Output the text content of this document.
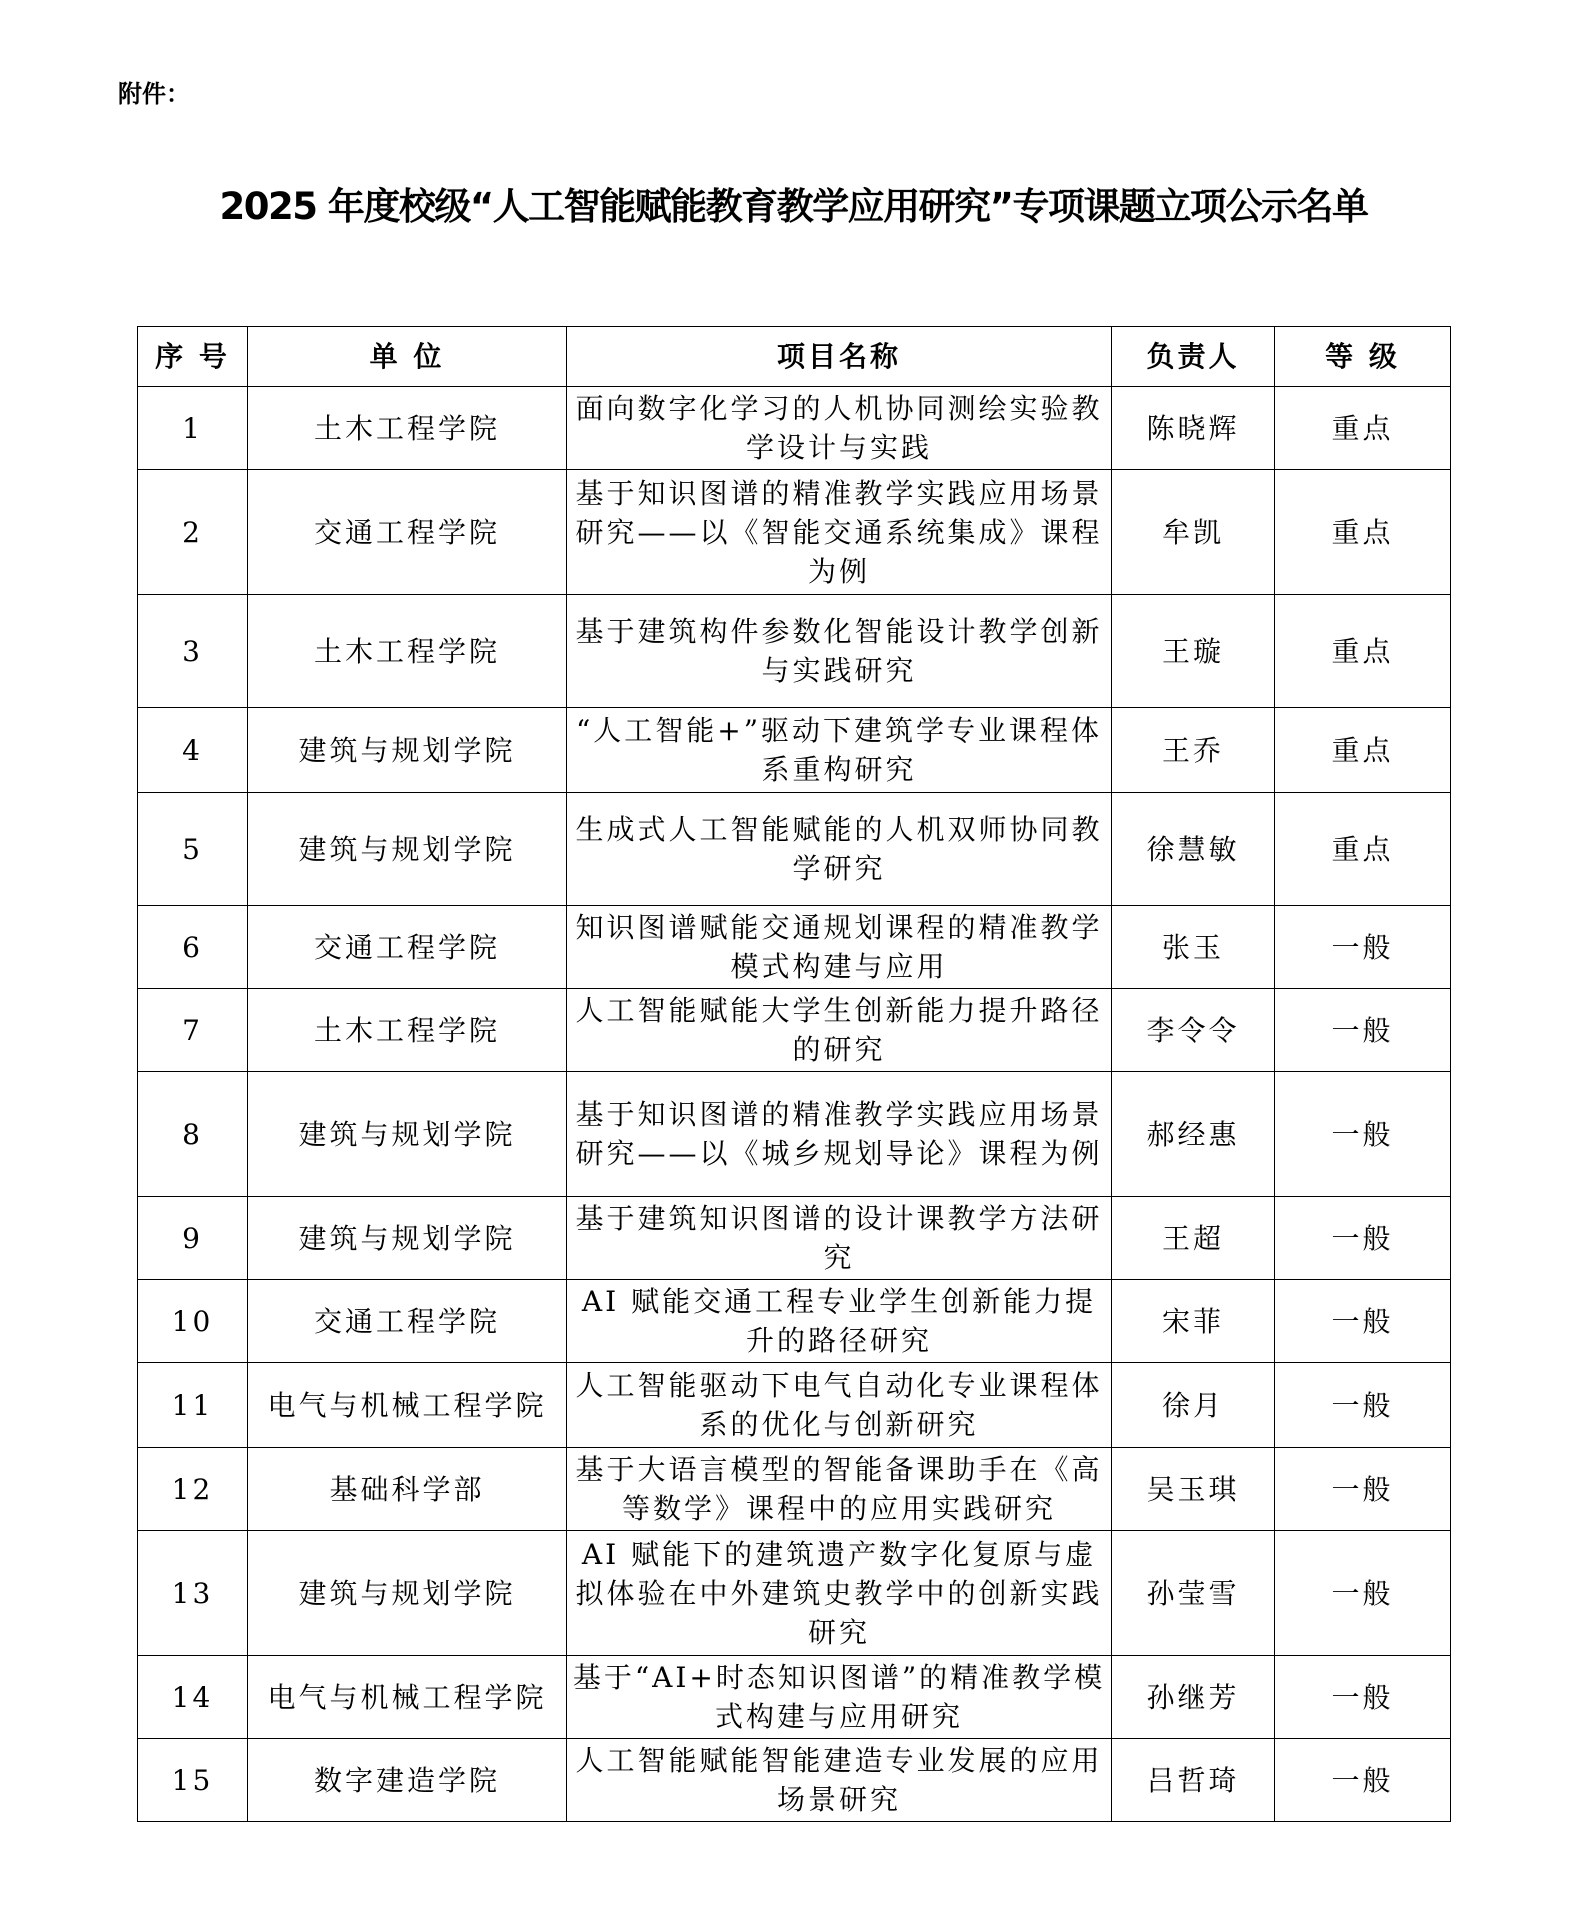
附件：
2025 年度校级“人工智能赋能教育教学应用研究”专项课题立项公示名单
序 号	单 位	项目名称	负责人	等 级
1	土木工程学院	面向数字化学习的人机协同测绘实验教学设计与实践	陈晓辉	重点
2	交通工程学院	基于知识图谱的精准教学实践应用场景研究——以《智能交通系统集成》课程为例	牟凯	重点
3	土木工程学院	基于建筑构件参数化智能设计教学创新与实践研究	王璇	重点
4	建筑与规划学院	“人工智能+”驱动下建筑学专业课程体系重构研究	王乔	重点
5	建筑与规划学院	生成式人工智能赋能的人机双师协同教学研究	徐慧敏	重点
6	交通工程学院	知识图谱赋能交通规划课程的精准教学模式构建与应用	张玉	一般
7	土木工程学院	人工智能赋能大学生创新能力提升路径的研究	李令令	一般
8	建筑与规划学院	基于知识图谱的精准教学实践应用场景研究——以《城乡规划导论》课程为例	郝经惠	一般
9	建筑与规划学院	基于建筑知识图谱的设计课教学方法研究	王超	一般
10	交通工程学院	AI 赋能交通工程专业学生创新能力提升的路径研究	宋菲	一般
11	电气与机械工程学院	人工智能驱动下电气自动化专业课程体系的优化与创新研究	徐月	一般
12	基础科学部	基于大语言模型的智能备课助手在《高等数学》课程中的应用实践研究	吴玉琪	一般
13	建筑与规划学院	AI 赋能下的建筑遗产数字化复原与虚拟体验在中外建筑史教学中的创新实践研究	孙莹雪	一般
14	电气与机械工程学院	基于“AI+时态知识图谱”的精准教学模式构建与应用研究	孙继芳	一般
15	数字建造学院	人工智能赋能智能建造专业发展的应用场景研究	吕哲琦	一般
